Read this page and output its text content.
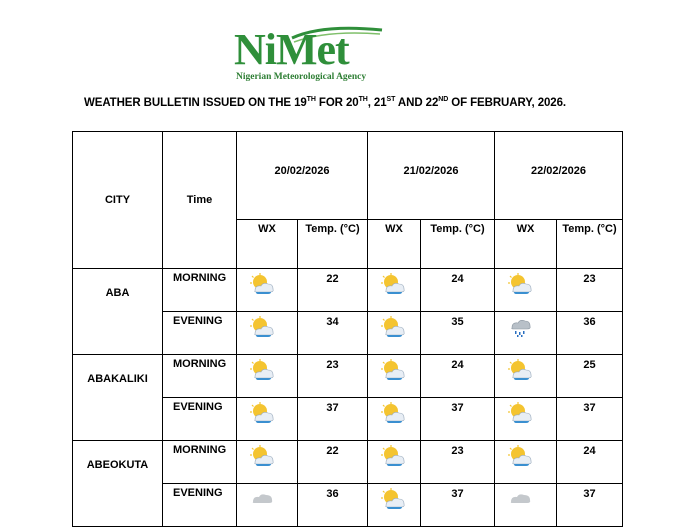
NiMet
Nigerian Meteorological Agency
WEATHER BULLETIN ISSUED ON THE 19TH FOR 20TH, 21ST AND 22ND OF FEBRUARY, 2026.
CITY	Time	20/02/2026		21/02/2026		22/02/2026	

		WX	Temp. (°C)	WX	Temp. (°C)	WX	Temp. (°C)

ABA	MORNING		22		24		23

	EVENING		34		35		36

ABAKALIKI	MORNING		23		24		25

	EVENING		37		37		37

ABEOKUTA	MORNING		22		23		24

	EVENING		36		37		37
